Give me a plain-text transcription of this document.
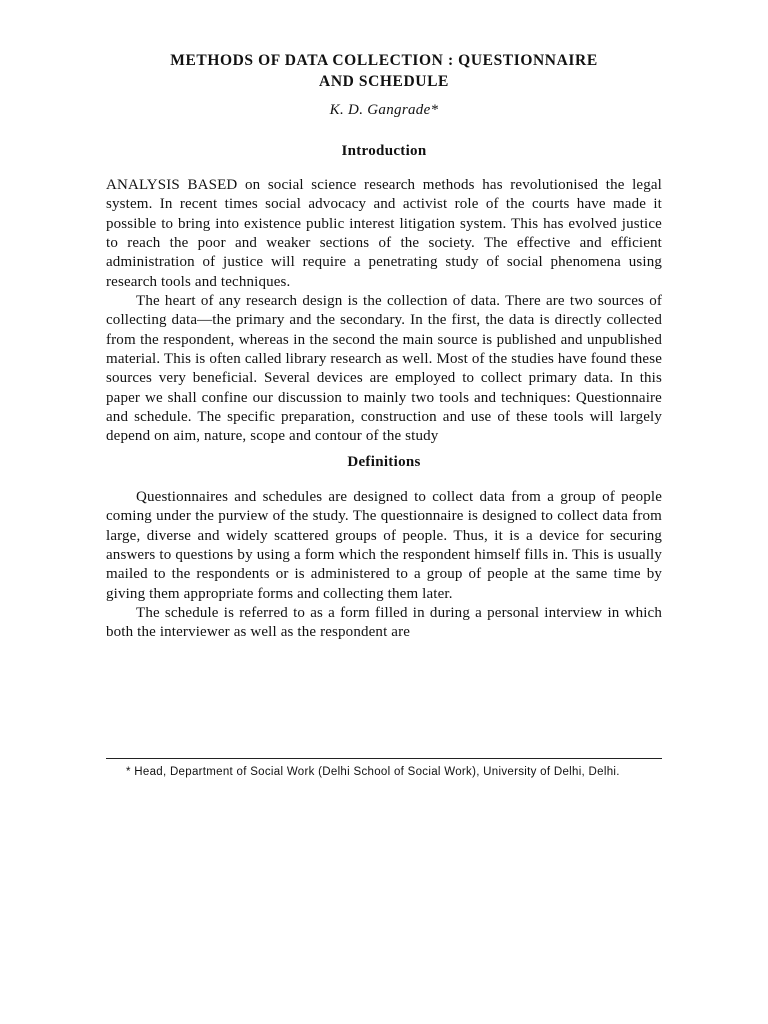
METHODS OF DATA COLLECTION : QUESTIONNAIRE
AND SCHEDULE

K. D. Gangrade*

Introduction

ANALYSIS BASED on social science research methods has revolutionised the legal system. In recent times social advocacy and activist role of the courts have made it possible to bring into existence public interest litigation system. This has evolved justice to reach the poor and weaker sections of the society. The effective and efficient administration of justice will require a penetrating study of social phenomena using research tools and techniques.

The heart of any research design is the collection of data. There are two sources of collecting data—the primary and the secondary. In the first, the data is directly collected from the respondent, whereas in the second the main source is published and unpublished material. This is often called library research as well. Most of the studies have found these sources very beneficial. Several devices are employed to collect primary data. In this paper we shall confine our discussion to mainly two tools and techniques: Questionnaire and schedule. The specific preparation, construction and use of these tools will largely depend on aim, nature, scope and contour of the study

Definitions

Questionnaires and schedules are designed to collect data from a group of people coming under the purview of the study. The questionnaire is designed to collect data from large, diverse and widely scattered groups of people. Thus, it is a device for securing answers to questions by using a form which the respondent himself fills in. This is usually mailed to the respondents or is administered to a group of people at the same time by giving them appropriate forms and collecting them later.

The schedule is referred to as a form filled in during a personal interview in which both the interviewer as well as the respondent are

* Head, Department of Social Work (Delhi School of Social Work), University of Delhi, Delhi.
